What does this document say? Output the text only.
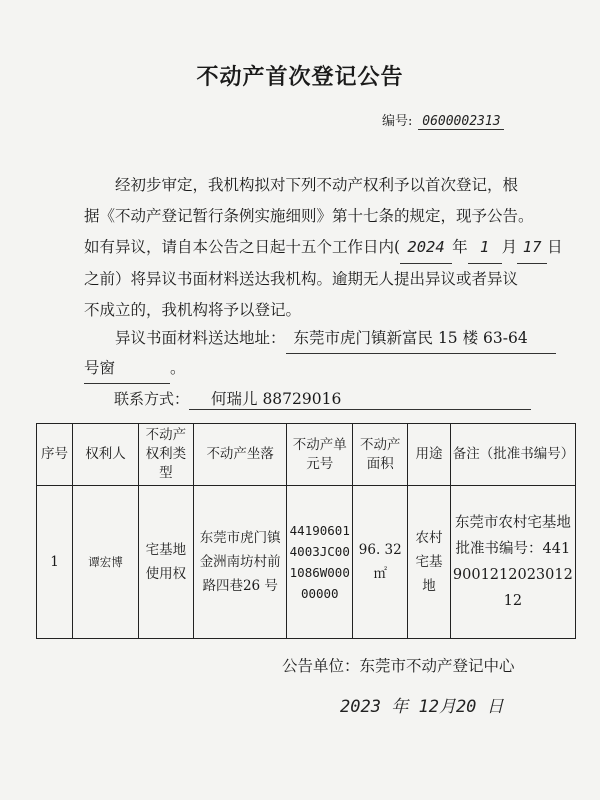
不动产首次登记公告
编号: 0600002313
经初步审定，我机构拟对下列不动产权利予以首次登记，根
据《不动产登记暂行条例实施细则》第十七条的规定，现予公告。
如有异议，请自本公告之日起十五个工作日内( 2024 年 1 月 17 日
之前）将异议书面材料送达我机构。逾期无人提出异议或者异议
不成立的，我机构将予以登记。
异议书面材料送达地址： 东莞市虎门镇新富民 15 楼 63-64
号窗	。
联系方式： 何瑞儿 88729016
序号	权利人	不动产权利类型	不动产坐落	不动产单元号	不动产面积	用途	备注（批准书编号）
1	谭宏博	宅基地使用权	东莞市虎门镇金洲南坊村前路四巷26 号	441906014003JC001086W00000000	96. 32 ㎡	农村宅基地	东莞市农村宅基地批准书编号：441900121202301212
公告单位：东莞市不动产登记中心
2023 年 12月20 日
